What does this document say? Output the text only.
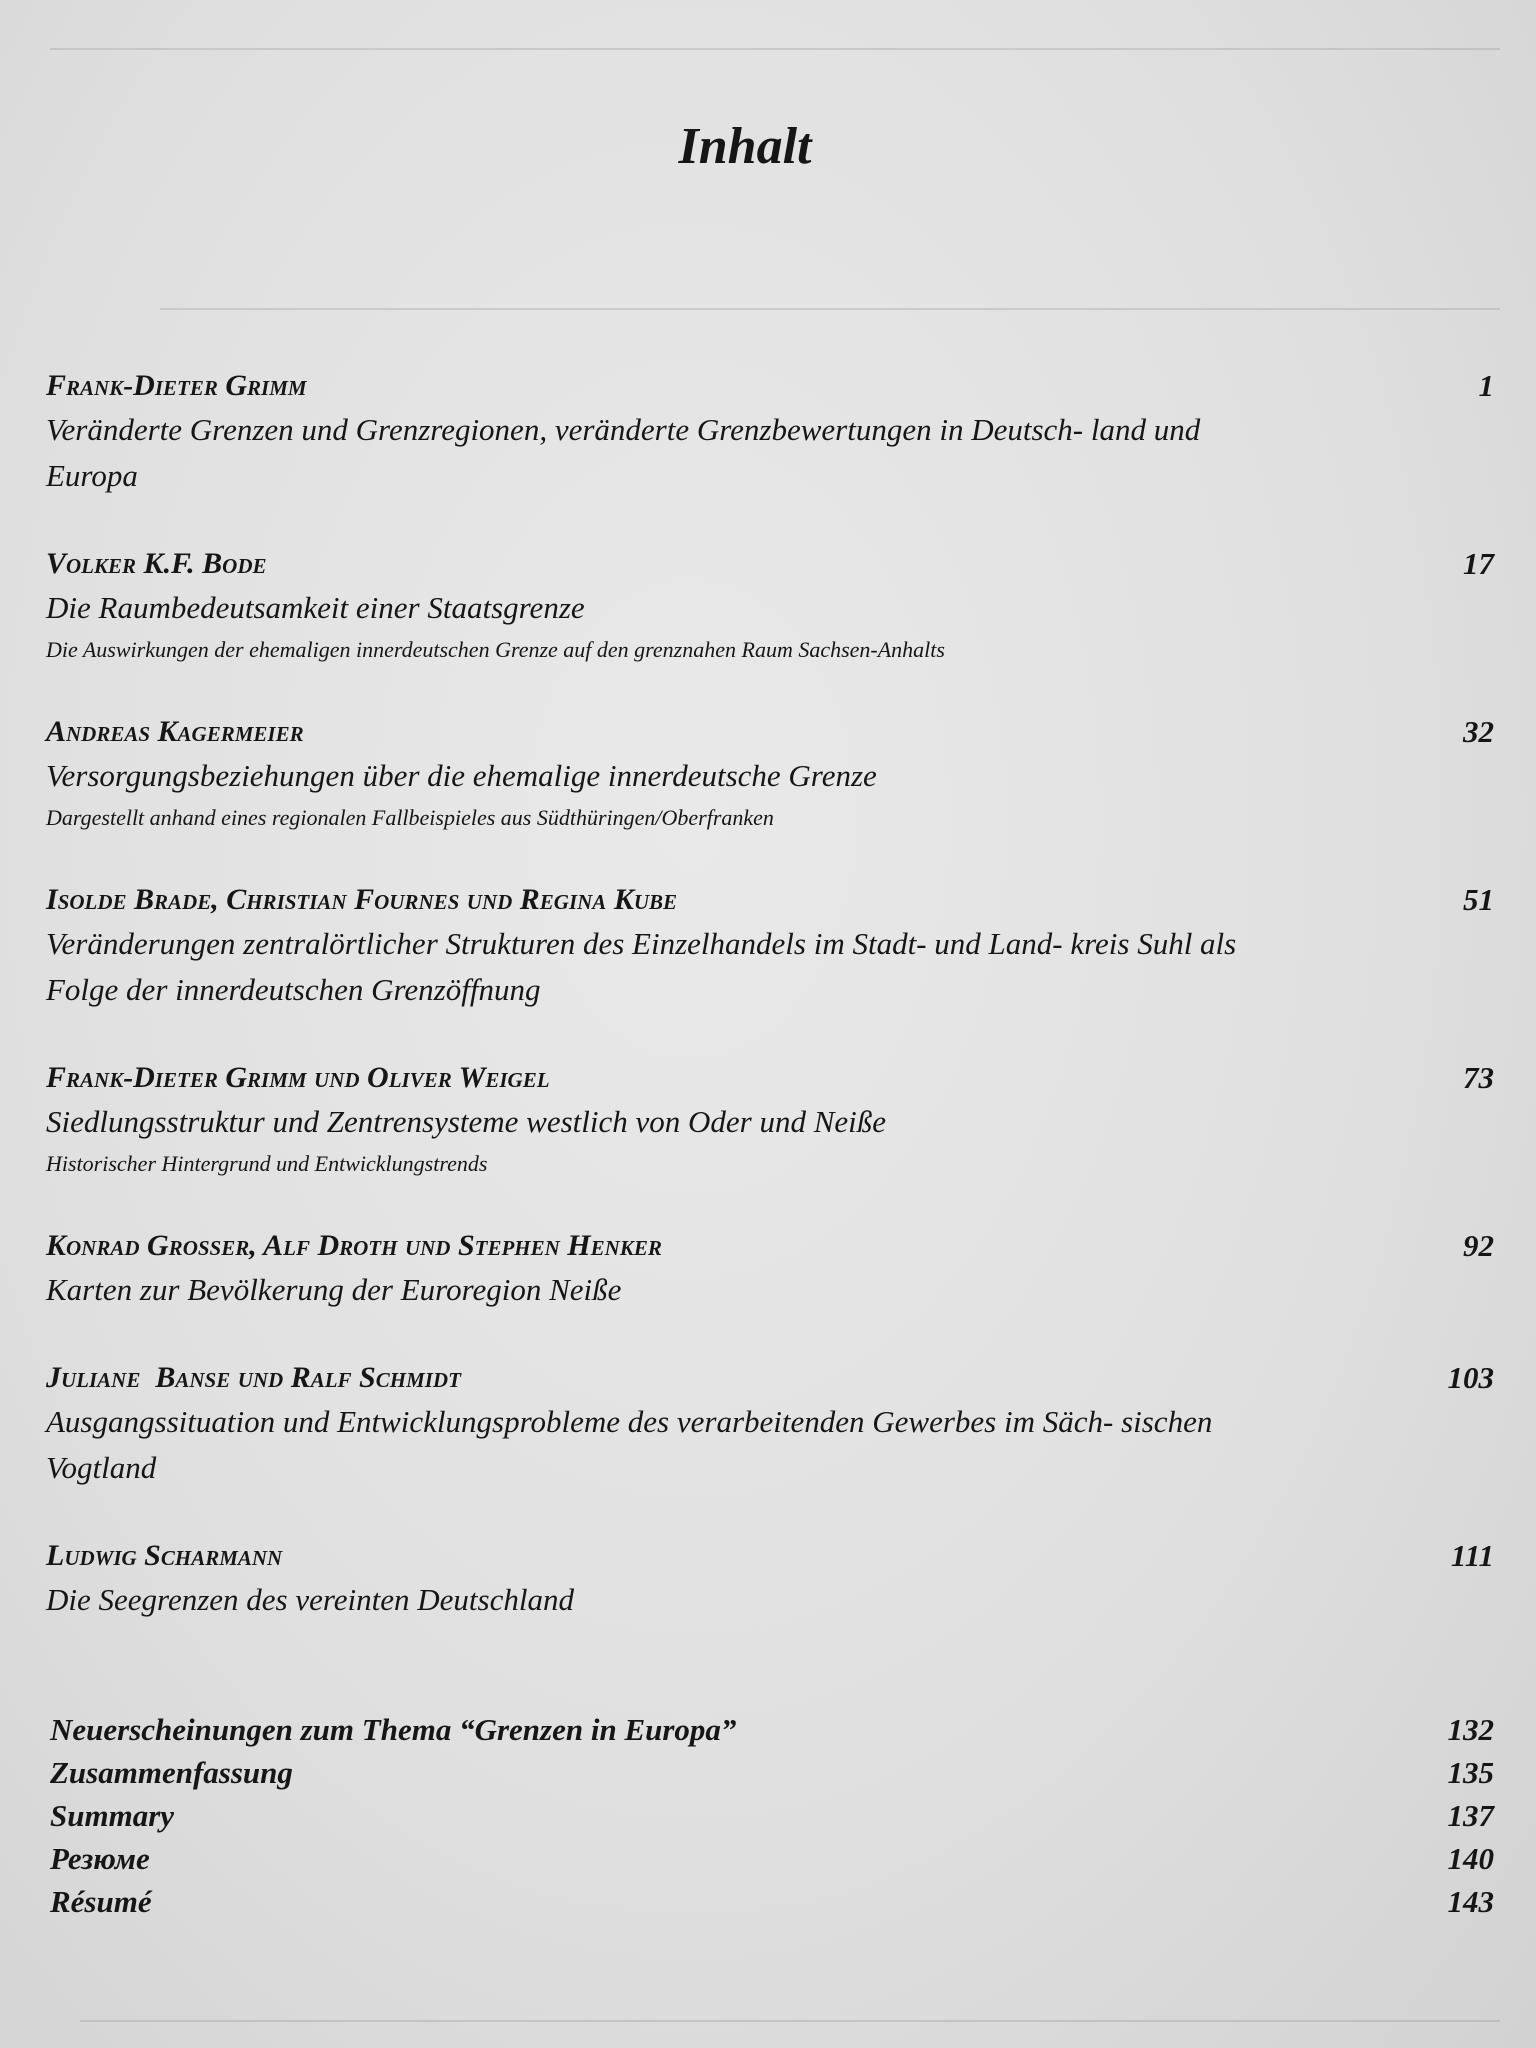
Inhalt
Frank-Dieter Grimm	1
Veränderte Grenzen und Grenzregionen, veränderte Grenzbewertungen in Deutsch- land und Europa
Volker K.F. Bode	17
Die Raumbedeutsamkeit einer Staatsgrenze
Die Auswirkungen der ehemaligen innerdeutschen Grenze auf den grenznahen Raum Sachsen-Anhalts
Andreas Kagermeier	32
Versorgungsbeziehungen über die ehemalige innerdeutsche Grenze
Dargestellt anhand eines regionalen Fallbeispieles aus Südthüringen/Oberfranken
Isolde Brade, Christian Fournes und Regina Kube	51
Veränderungen zentralörtlicher Strukturen des Einzelhandels im Stadt- und Land- kreis Suhl als Folge der innerdeutschen Grenzöffnung
Frank-Dieter Grimm und Oliver Weigel	73
Siedlungsstruktur und Zentrensysteme westlich von Oder und Neiße
Historischer Hintergrund und Entwicklungstrends
Konrad Grosser, Alf Droth und Stephen Henker	92
Karten zur Bevölkerung der Euroregion Neiße
Juliane  Banse und Ralf Schmidt	103
Ausgangssituation und Entwicklungsprobleme des verarbeitenden Gewerbes im Säch- sischen Vogtland
Ludwig Scharmann	111
Die Seegrenzen des vereinten Deutschland
Neuerscheinungen zum Thema “Grenzen in Europa”	132
Zusammenfassung	135
Summary	137
Резюме	140
Résumé	143
